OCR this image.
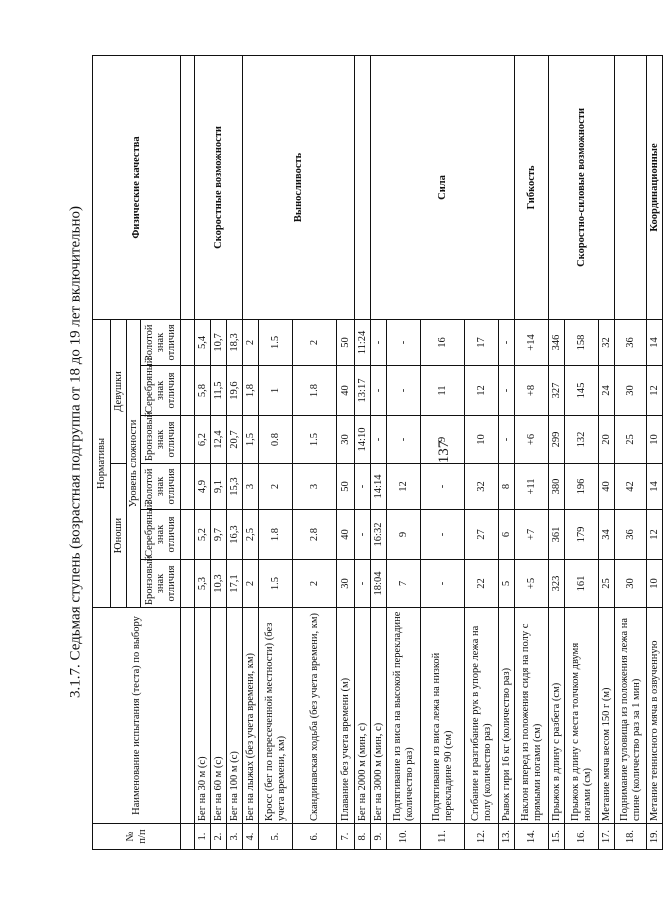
137
3.1.7. Седьмая ступень (возрастная подгруппа от 18 до 19 лет включительно)
№ п/п	Наименование испытания (теста) по выбору	Нормативы						Физические качества
		Юноши			Девушки			
		Уровень сложности						
		Бронзовый знак отличия	Серебряный знак отличия	Золотой знак отличия	Бронзовый знак отличия	Серебряный знак отличия	Золотой знак отличия	

1.	Бег на 30 м (с)	5,3	5,2	4,9	6,2	5,8	5,4	Скоростные возможности
2.	Бег на 60 м (с)	10,3	9,7	9,1	12,4	11,5	10,7	
3.	Бег на 100 м (с)	17,1	16,3	15,3	20,7	19,6	18,3	
4.	Бег на лыжах (без учета времени, км)	2	2,5	3	1,5	1,8	2	Выносливость
5.	Кросс (бег по пересеченной местности) (без учета времени, км)	1.5	1.8	2	0.8	1	1.5	
6.	Скандинавская ходьба (без учета времени, км)	2	2.8	3	1.5	1.8	2	
7.	Плавание без учета времени (м)	30	40	50	30	40	50	
8.	Бег на 2000 м (мин, с)	-	-	-	14:10	13:17	11:24	
9.	Бег на 3000 м (мин, с)	18:04	16:32	14:14	-	-	-	Сила
10.	Подтягивание из виса на высокой перекладине (количество раз)	7	9	12	-	-	-	
11.	Подтягивание из виса лежа на низкой перекладине 90 (см)	-	-	-	9	11	16	
12.	Сгибание и разгибание рук в упоре лежа на полу (количество раз)	22	27	32	10	12	17	
13.	Рывок гири 16 кг (количество раз)	5	6	8	-	-	-	
14.	Наклон вперед из положения сидя на полу с прямыми ногами (см)	+5	+7	+11	+6	+8	+14	Гибкость
15.	Прыжок в длину с разбега (см)	323	361	380	299	327	346	Скоростно-силовые возможности
16.	Прыжок в длину с места толчком двумя ногами (см)	161	179	196	132	145	158	
17.	Метание мяча весом 150 г (м)	25	34	40	20	24	32	
18.	Поднимание туловища из положения лежа на спине (количество раз за 1 мин)	30	36	42	25	30	36	
19.	Метание теннисного мяча в озвученную	10	12	14	10	12	14	Координационные
